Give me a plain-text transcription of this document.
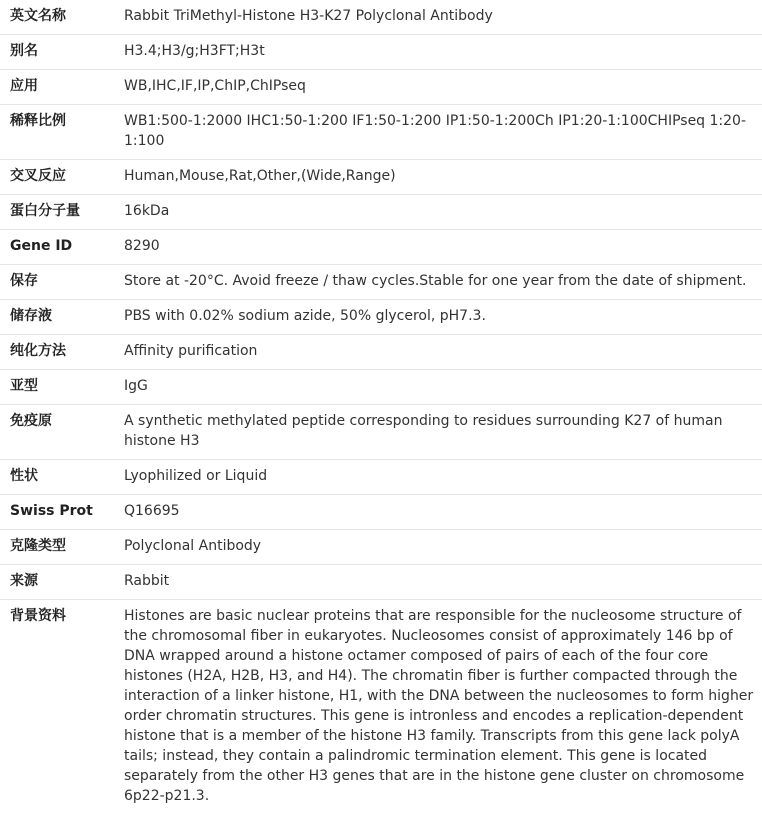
英文名称	Rabbit TriMethyl-Histone H3-K27 Polyclonal Antibody
别名	H3.4;H3/g;H3FT;H3t
应用	WB,IHC,IF,IP,ChIP,ChIPseq
稀释比例	WB1:500-1:2000 IHC1:50-1:200 IF1:50-1:200 IP1:50-1:200Ch IP1:20-1:100CHIPseq 1:20-1:100
交叉反应	Human,Mouse,Rat,Other,(Wide,Range)
蛋白分子量	16kDa
Gene ID	8290
保存	Store at -20°C. Avoid freeze / thaw cycles.Stable for one year from the date of shipment.
储存液	PBS with 0.02% sodium azide, 50% glycerol, pH7.3.
纯化方法	Affinity purification
亚型	IgG
免疫原	A synthetic methylated peptide corresponding to residues surrounding K27 of human histone H3
性状	Lyophilized or Liquid
Swiss Prot	Q16695
克隆类型	Polyclonal Antibody
来源	Rabbit
背景资料	Histones are basic nuclear proteins that are responsible for the nucleosome structure of the chromosomal fiber in eukaryotes. Nucleosomes consist of approximately 146 bp of DNA wrapped around a histone octamer composed of pairs of each of the four core histones (H2A, H2B, H3, and H4). The chromatin fiber is further compacted through the interaction of a linker histone, H1, with the DNA between the nucleosomes to form higher order chromatin structures. This gene is intronless and encodes a replication-dependent histone that is a member of the histone H3 family. Transcripts from this gene lack polyA tails; instead, they contain a palindromic termination element. This gene is located separately from the other H3 genes that are in the histone gene cluster on chromosome 6p22-p21.3.
